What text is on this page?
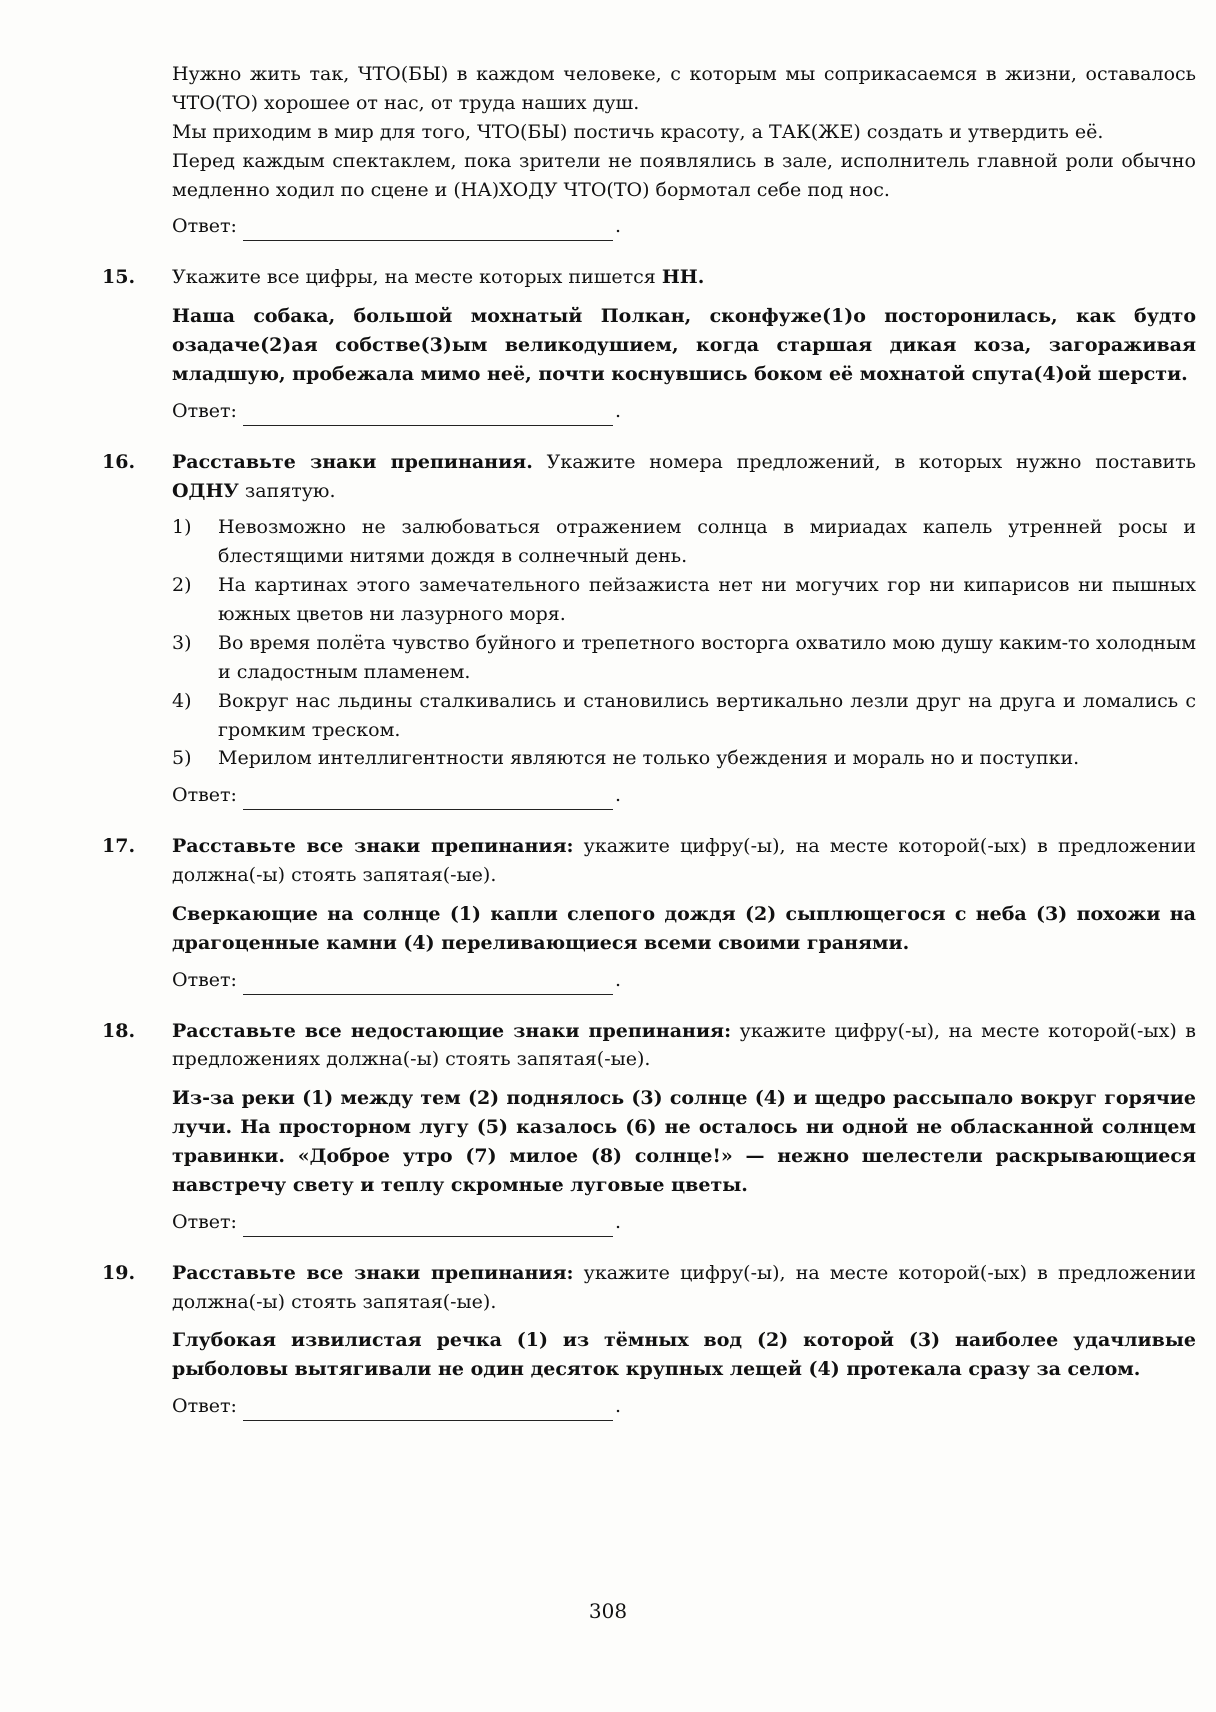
Нужно жить так, ЧТО(БЫ) в каждом человеке, с которым мы соприкасаемся в жизни, оставалось ЧТО(ТО) хорошее от нас, от труда наших душ.

Мы приходим в мир для того, ЧТО(БЫ) постичь красоту, а ТАК(ЖЕ) создать и утвердить её.

Перед каждым спектаклем, пока зрители не появлялись в зале, исполнитель главной роли обычно медленно ходил по сцене и (НА)ХОДУ ЧТО(ТО) бормотал себе под нос.

Ответ:	.
15. Укажите все цифры, на месте которых пишется НН.

Наша собака, большой мохнатый Полкан, сконфуже(1)о посторонилась, как будто озадаче(2)ая собстве(3)ым великодушием, когда старшая дикая коза, загораживая младшую, пробежала мимо неё, почти коснувшись боком её мохнатой спута(4)ой шерсти.

Ответ:	.
16. Расставьте знаки препинания. Укажите номера предложений, в которых нужно поставить ОДНУ запятую.

1)	Невозможно не залюбоваться отражением солнца в мириадах капель утренней росы и блестящими нитями дождя в солнечный день.
2)	На картинах этого замечательного пейзажиста нет ни могучих гор ни кипарисов ни пышных южных цветов ни лазурного моря.
3)	Во время полёта чувство буйного и трепетного восторга охватило мою душу каким-то холодным и сладостным пламенем.
4)	Вокруг нас льдины сталкивались и становились вертикально лезли друг на друга и ломались с громким треском.
5)	Мерилом интеллигентности являются не только убеждения и мораль но и поступки.
Ответ:	.
17. Расставьте все знаки препинания: укажите цифру(-ы), на месте которой(-ых) в предложении должна(-ы) стоять запятая(-ые).

Сверкающие на солнце (1) капли слепого дождя (2) сыплющегося с неба (3) похожи на драгоценные камни (4) переливающиеся всеми своими гранями.

Ответ:	.
18. Расставьте все недостающие знаки препинания: укажите цифру(-ы), на месте которой(-ых) в предложениях должна(-ы) стоять запятая(-ые).

Из-за реки (1) между тем (2) поднялось (3) солнце (4) и щедро рассыпало вокруг горячие лучи. На просторном лугу (5) казалось (6) не осталось ни одной не обласканной солнцем травинки. «Доброе утро (7) милое (8) солнце!» — нежно шелестели раскрывающиеся навстречу свету и теплу скромные луговые цветы.

Ответ:	.
19. Расставьте все знаки препинания: укажите цифру(-ы), на месте которой(-ых) в предложении должна(-ы) стоять запятая(-ые).

Глубокая извилистая речка (1) из тёмных вод (2) которой (3) наиболее удачливые рыболовы вытягивали не один десяток крупных лещей (4) протекала сразу за селом.

Ответ:	.
308
